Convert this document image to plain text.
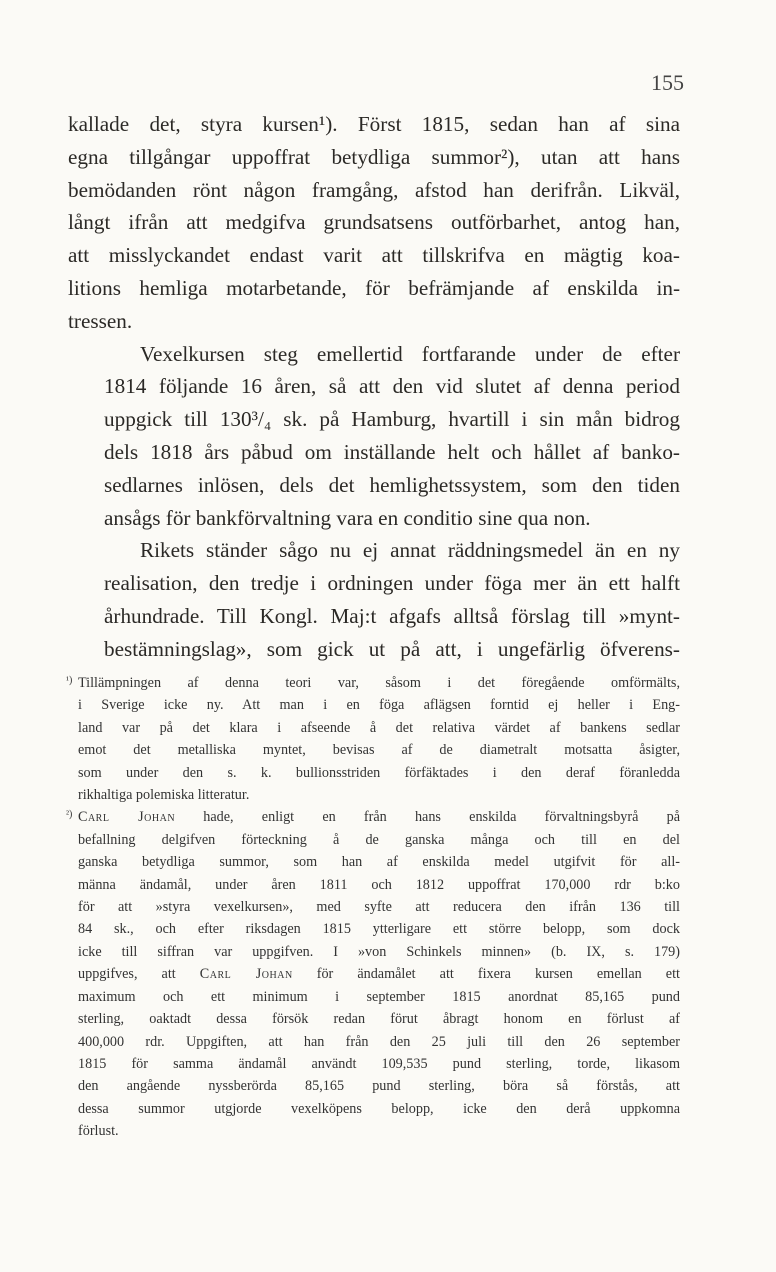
155

kallade det, styra kursen¹). Först 1815, sedan han af sina
egna tillgångar uppoffrat betydliga summor²), utan att hans
bemödanden rönt någon framgång, afstod han derifrån. Likväl,
långt ifrån att medgifva grundsatsens outförbarhet, antog han,
att misslyckandet endast varit att tillskrifva en mägtig koa-
litions hemliga motarbetande, för befrämjande af enskilda in-
tressen.

Vexelkursen steg emellertid fortfarande under de efter
1814 följande 16 åren, så att den vid slutet af denna period
uppgick till 130³/₄ sk. på Hamburg, hvartill i sin mån bidrog
dels 1818 års påbud om inställande helt och hållet af banko-
sedlarnes inlösen, dels det hemlighetssystem, som den tiden
ansågs för bankförvaltning vara en conditio sine qua non.

Rikets ständer sågo nu ej annat räddningsmedel än en ny
realisation, den tredje i ordningen under föga mer än ett halft
århundrade. Till Kongl. Maj:t afgafs alltså förslag till »mynt-
bestämningslag», som gick ut på att, i ungefärlig öfverens-

¹) Tillämpningen af denna teori var, såsom i det föregående omförmälts,
i Sverige icke ny. Att man i en föga aflägsen forntid ej heller i Eng-
land var på det klara i afseende å det relativa värdet af bankens sedlar
emot det metalliska myntet, bevisas af de diametralt motsatta åsigter,
som under den s. k. bullionsstriden förfäktades i den deraf föranledda
rikhaltiga polemiska litteratur.
²) Carl Johan hade, enligt en från hans enskilda förvaltningsbyrå på
befallning delgifven förteckning å de ganska många och till en del
ganska betydliga summor, som han af enskilda medel utgifvit för all-
männa ändamål, under åren 1811 och 1812 uppoffrat 170,000 rdr b:ko
för att »styra vexelkursen», med syfte att reducera den ifrån 136 till
84 sk., och efter riksdagen 1815 ytterligare ett större belopp, som dock
icke till siffran var uppgifven. I »von Schinkels minnen» (b. IX, s. 179)
uppgifves, att Carl Johan för ändamålet att fixera kursen emellan ett
maximum och ett minimum i september 1815 anordnat 85,165 pund
sterling, oaktadt dessa försök redan förut åbragt honom en förlust af
400,000 rdr. Uppgiften, att han från den 25 juli till den 26 september
1815 för samma ändamål användt 109,535 pund sterling, torde, likasom
den angående nyssberörda 85,165 pund sterling, böra så förstås, att
dessa summor utgjorde vexelköpens belopp, icke den derå uppkomna
förlust.
